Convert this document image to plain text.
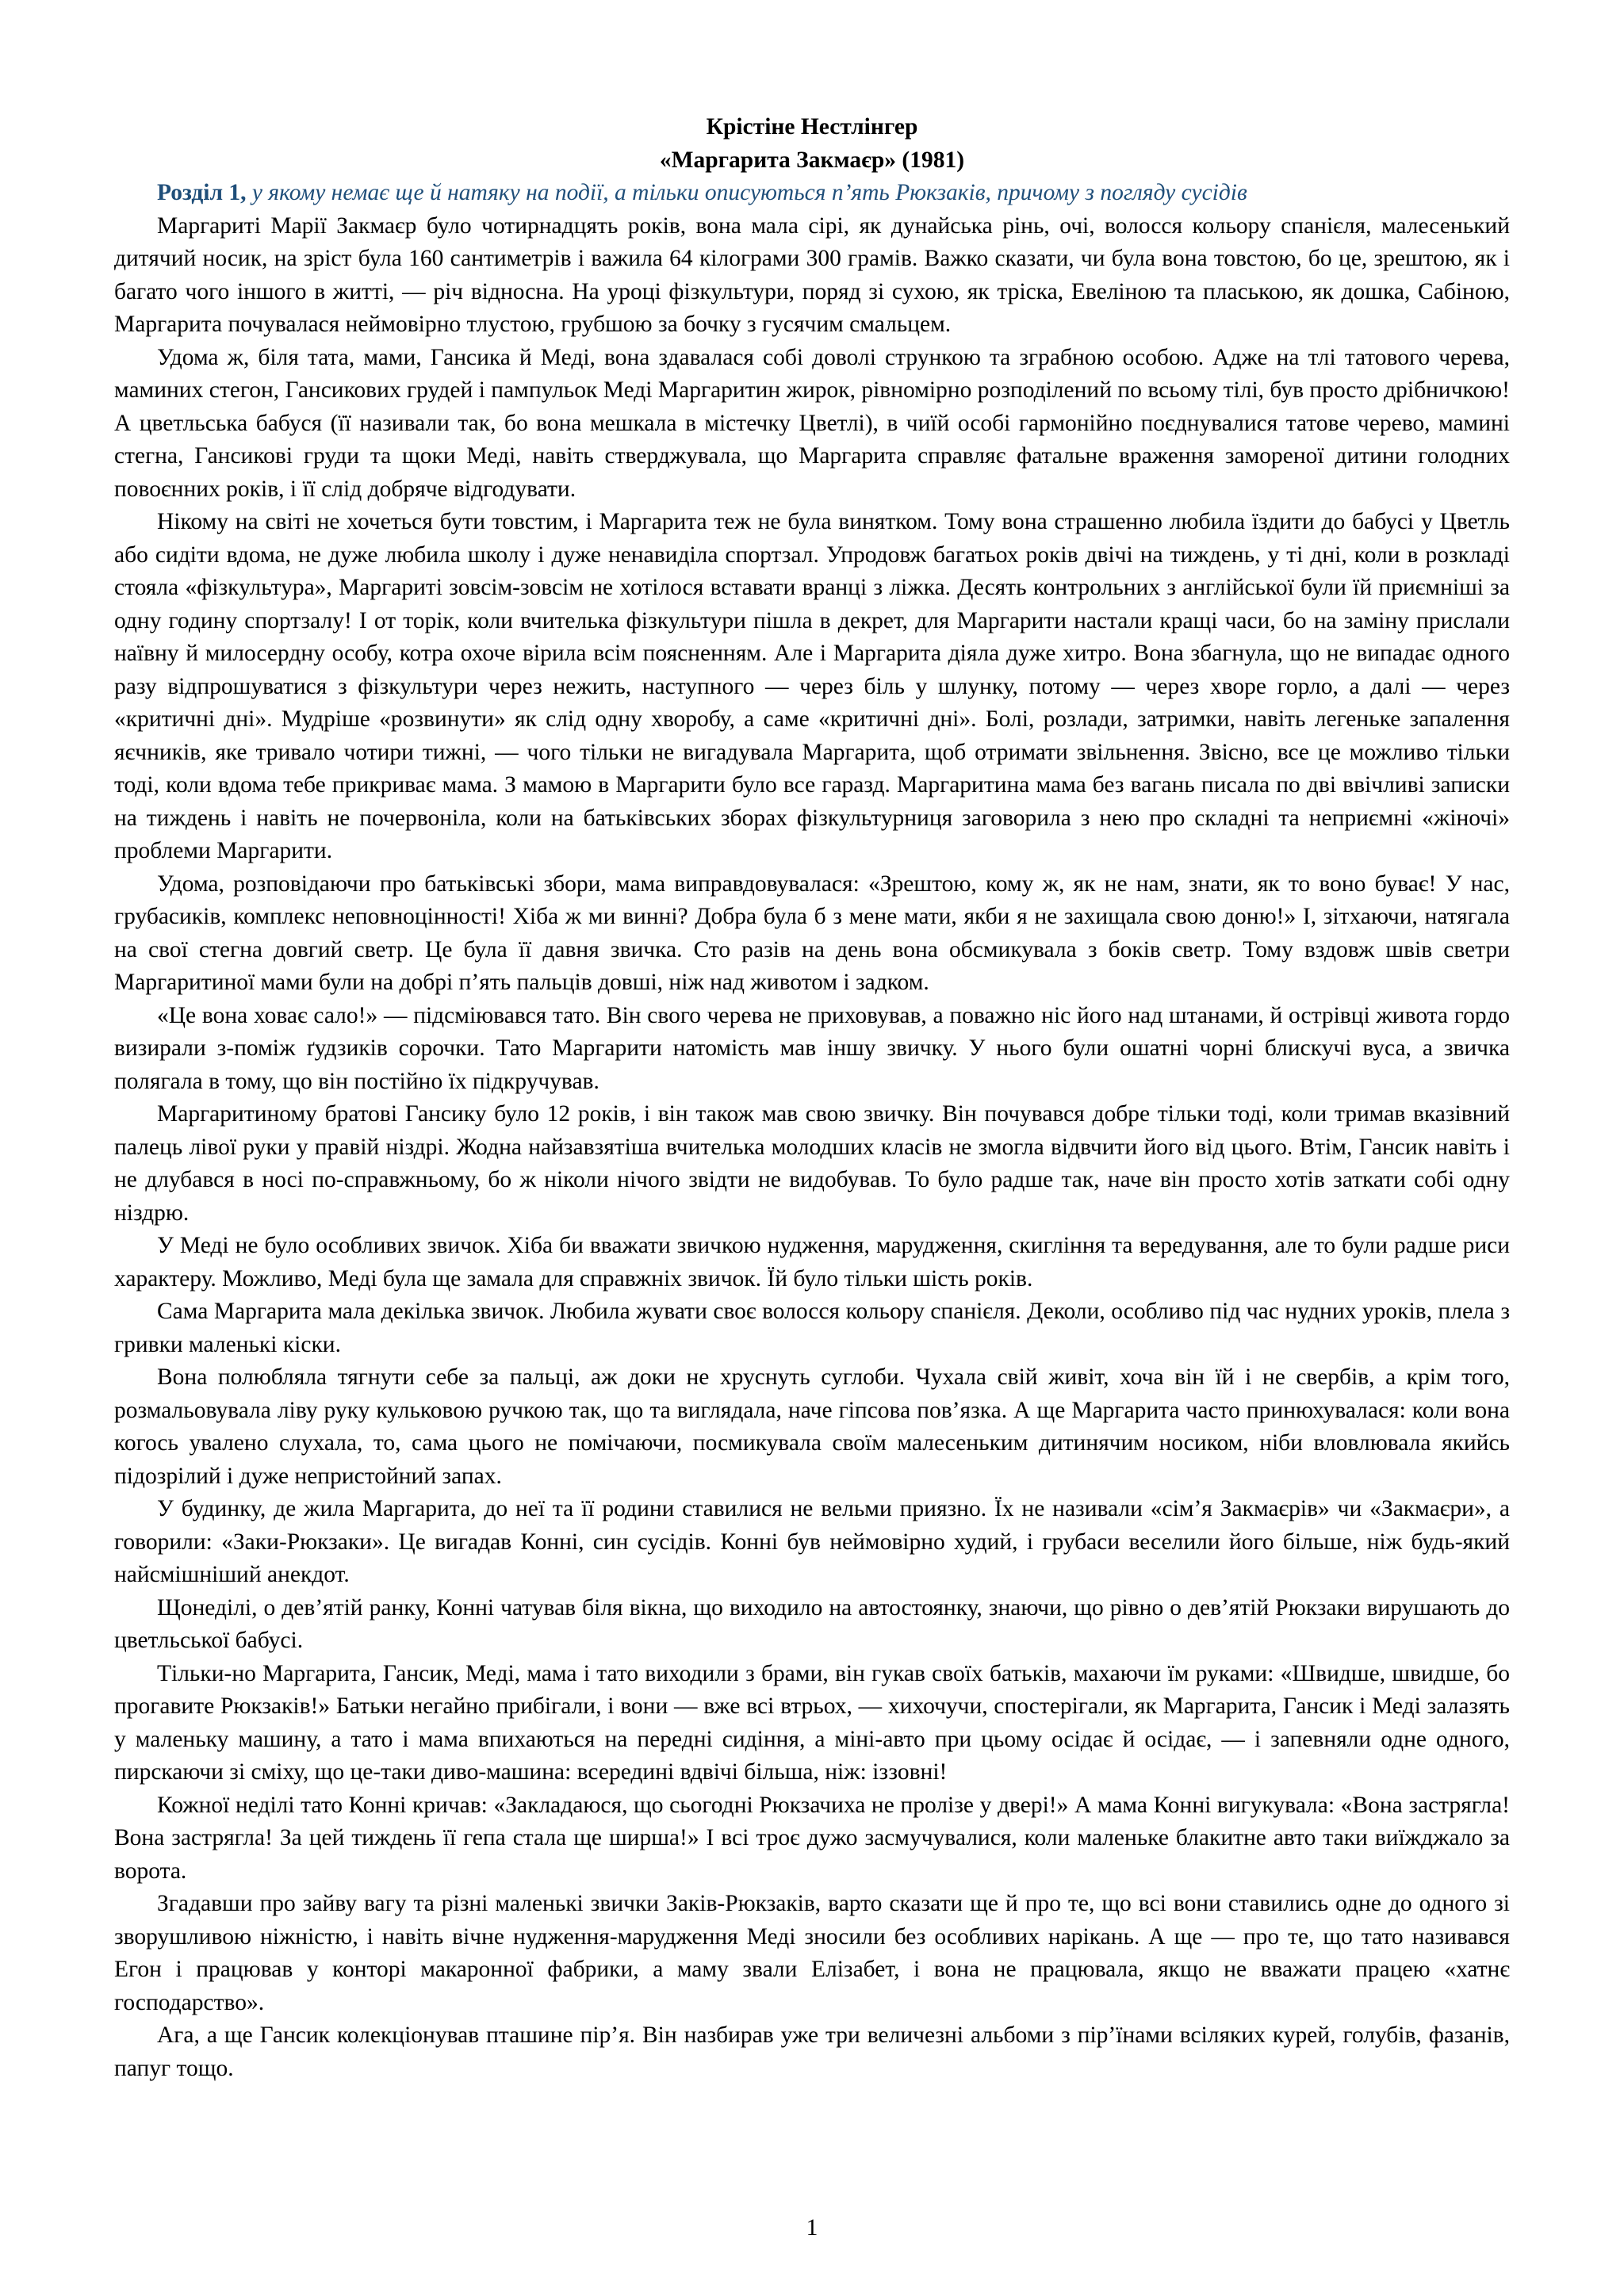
Крістіне Нестлінгер

«Маргарита Закмаєр» (1981)

Розділ 1, у якому немає ще й натяку на події, а тільки описуються п’ять Рюкзаків, причому з погляду сусідів

Маргариті Марії Закмаєр було чотирнадцять років, вона мала сірі, як дунайська рінь, очі, волосся кольору спанієля, малесенький дитячий носик, на зріст була 160 сантиметрів і важила 64 кілограми 300 грамів. Важко сказати, чи була вона товстою, бо це, зрештою, як і багато чого іншого в житті, — річ відносна. На уроці фізкультури, поряд зі сухою, як тріска, Евеліною та плаською, як дошка, Сабіною, Маргарита почувалася неймовірно тлустою, грубшою за бочку з гусячим смальцем.

Удома ж, біля тата, мами, Гансика й Меді, вона здавалася собі доволі стрункою та зграбною особою. Адже на тлі татового черева, маминих стегон, Гансикових грудей і пампульок Меді Маргаритин жирок, рівномірно розподілений по всьому тілі, був просто дрібничкою! А цветльська бабуся (її називали так, бо вона мешкала в містечку Цветлі), в чиїй особі гармонійно поєднувалися татове черево, мамині стегна, Гансикові груди та щоки Меді, навіть стверджувала, що Маргарита справляє фатальне враження замореної дитини голодних повоєнних років, і її слід добряче відгодувати.

Нікому на світі не хочеться бути товстим, і Маргарита теж не була винятком. Тому вона страшенно любила їздити до бабусі у Цветль або сидіти вдома, не дуже любила школу і дуже ненавиділа спортзал. Упродовж багатьох років двічі на тиждень, у ті дні, коли в розкладі стояла «фізкультура», Маргариті зовсім-зовсім не хотілося вставати вранці з ліжка. Десять контрольних з англійської були їй приємніші за одну годину спортзалу! І от торік, коли вчителька фізкультури пішла в декрет, для Маргарити настали кращі часи, бо на заміну прислали наївну й милосердну особу, котра охоче вірила всім поясненням. Але і Маргарита діяла дуже хитро. Вона збагнула, що не випадає одного разу відпрошуватися з фізкультури через нежить, наступного — через біль у шлунку, потому — через хворе горло, а далі — через «критичні дні». Мудріше «розвинути» як слід одну хворобу, а саме «критичні дні». Болі, розлади, затримки, навіть легеньке запалення яєчників, яке тривало чотири тижні, — чого тільки не вигадувала Маргарита, щоб отримати звільнення. Звісно, все це можливо тільки тоді, коли вдома тебе прикриває мама. З мамою в Маргарити було все гаразд. Маргаритина мама без вагань писала по дві ввічливі записки на тиждень і навіть не почервоніла, коли на батьківських зборах фізкультурниця заговорила з нею про складні та неприємні «жіночі» проблеми Маргарити.

Удома, розповідаючи про батьківські збори, мама виправдовувалася: «Зрештою, кому ж, як не нам, знати, як то воно буває! У нас, грубасиків, комплекс неповноцінності! Хіба ж ми винні? Добра була б з мене мати, якби я не захищала свою доню!» І, зітхаючи, натягала на свої стегна довгий светр. Це була її давня звичка. Сто разів на день вона обсмикувала з боків светр. Тому вздовж швів светри Маргаритиної мами були на добрі п’ять пальців довші, ніж над животом і задком.

«Це вона ховає сало!» — підсміювався тато. Він свого черева не приховував, а поважно ніс його над штанами, й острівці живота гордо визирали з-поміж ґудзиків сорочки. Тато Маргарити натомість мав іншу звичку. У нього були ошатні чорні блискучі вуса, а звичка полягала в тому, що він постійно їх підкручував.

Маргаритиному братові Гансику було 12 років, і він також мав свою звичку. Він почувався добре тільки тоді, коли тримав вказівний палець лівої руки у правій ніздрі. Жодна найзавзятіша вчителька молодших класів не змогла відвчити його від цього. Втім, Гансик навіть і не длубався в носі по-справжньому, бо ж ніколи нічого звідти не видобував. То було радше так, наче він просто хотів заткати собі одну ніздрю.

У Меді не було особливих звичок. Хіба би вважати звичкою нудження, марудження, скигління та вередування, але то були радше риси характеру. Можливо, Меді була ще замала для справжніх звичок. Їй було тільки шість років.

Сама Маргарита мала декілька звичок. Любила жувати своє волосся кольору спанієля. Деколи, особливо під час нудних уроків, плела з гривки маленькі кіски.

Вона полюбляла тягнути себе за пальці, аж доки не хруснуть суглоби. Чухала свій живіт, хоча він їй і не свербів, а крім того, розмальовувала ліву руку кульковою ручкою так, що та виглядала, наче гіпсова пов’язка. А ще Маргарита часто принюхувалася: коли вона когось увалено слухала, то, сама цього не помічаючи, посмикувала своїм малесеньким дитинячим носиком, ніби вловлювала якийсь підозрілий і дуже непристойний запах.

У будинку, де жила Маргарита, до неї та її родини ставилися не вельми приязно. Їх не називали «сім’я Закмаєрів» чи «Закмаєри», а говорили: «Заки-Рюкзаки». Це вигадав Конні, син сусідів. Конні був неймовірно худий, і грубаси веселили його більше, ніж будь-який найсмішніший анекдот.

Щонеділі, о дев’ятій ранку, Конні чатував біля вікна, що виходило на автостоянку, знаючи, що рівно о дев’ятій Рюкзаки вирушають до цветльської бабусі.

Тільки-но Маргарита, Гансик, Меді, мама і тато виходили з брами, він гукав своїх батьків, махаючи їм руками: «Швидше, швидше, бо прогавите Рюкзаків!» Батьки негайно прибігали, і вони — вже всі втрьох, — хихочучи, спостерігали, як Маргарита, Гансик і Меді залазять у маленьку машину, а тато і мама впихаються на передні сидіння, а міні-авто при цьому осідає й осідає, — і запевняли одне одного, пирскаючи зі сміху, що це-таки диво-машина: всередині вдвічі більша, ніж: іззовні!

Кожної неділі тато Конні кричав: «Закладаюся, що сьогодні Рюкзачиха не пролізе у двері!» А мама Конні вигукувала: «Вона застрягла! Вона застрягла! За цей тиждень її гепа стала ще ширша!» І всі троє дужо засмучувалися, коли маленьке блакитне авто таки виїжджало за ворота.

Згадавши про зайву вагу та різні маленькі звички Заків-Рюкзаків, варто сказати ще й про те, що всі вони ставились одне до одного зі зворушливою ніжністю, і навіть вічне нудження-марудження Меді зносили без особливих нарікань. А ще — про те, що тато називався Егон і працював у конторі макаронної фабрики, а маму звали Елізабет, і вона не працювала, якщо не вважати працею «хатнє господарство».

Ага, а ще Гансик колекціонував пташине пір’я. Він назбирав уже три величезні альбоми з пір’їнами всіляких курей, голубів, фазанів, папуг тощо.

1
